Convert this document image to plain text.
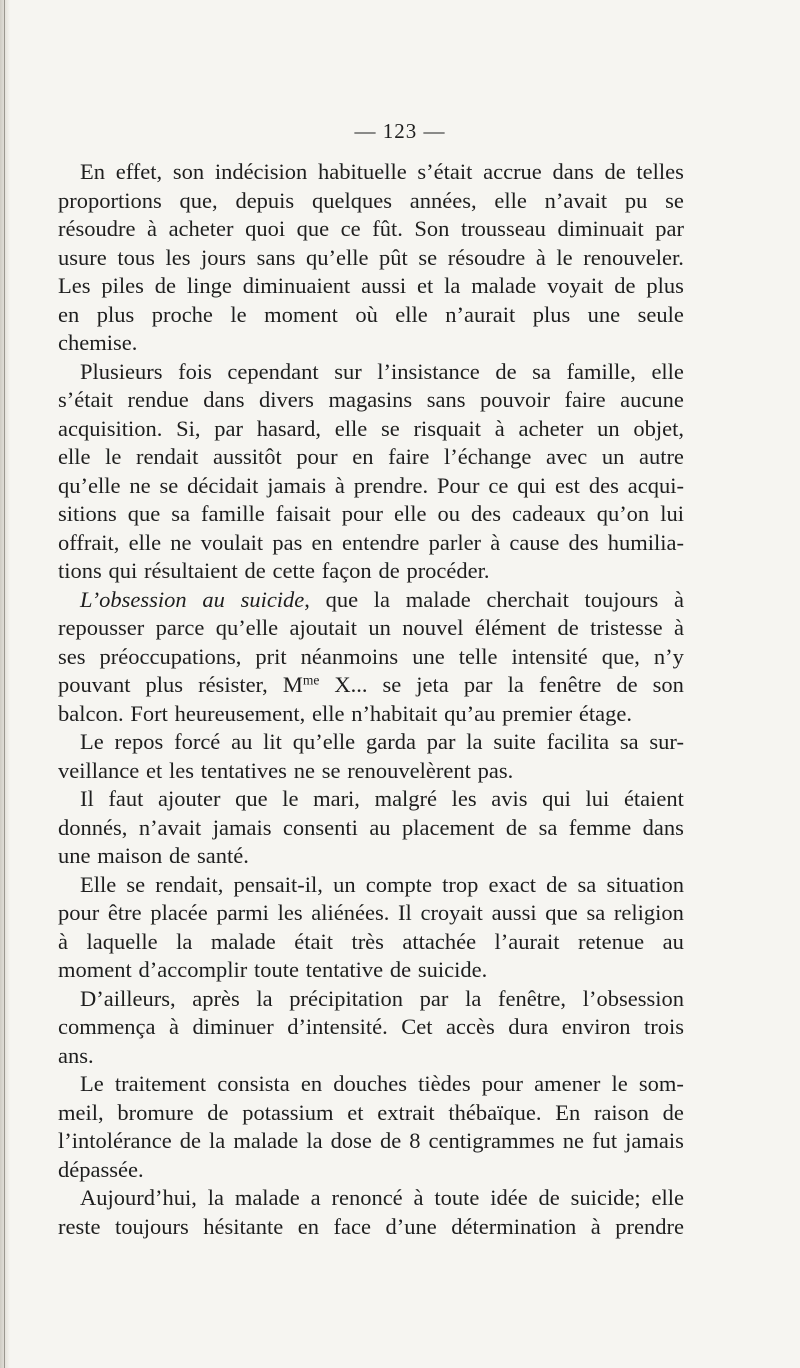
— 123 —
En effet, son indécision habituelle s’était accrue dans de telles
proportions que, depuis quelques années, elle n’avait pu se
résoudre à acheter quoi que ce fût. Son trousseau diminuait par
usure tous les jours sans qu’elle pût se résoudre à le renouveler.
Les piles de linge diminuaient aussi et la malade voyait de plus
en plus proche le moment où elle n’aurait plus une seule
chemise.
Plusieurs fois cependant sur l’insistance de sa famille, elle
s’était rendue dans divers magasins sans pouvoir faire aucune
acquisition. Si, par hasard, elle se risquait à acheter un objet,
elle le rendait aussitôt pour en faire l’échange avec un autre
qu’elle ne se décidait jamais à prendre. Pour ce qui est des acqui-
sitions que sa famille faisait pour elle ou des cadeaux qu’on lui
offrait, elle ne voulait pas en entendre parler à cause des humilia-
tions qui résultaient de cette façon de procéder.
L’obsession au suicide, que la malade cherchait toujours à
repousser parce qu’elle ajoutait un nouvel élément de tristesse à
ses préoccupations, prit néanmoins une telle intensité que, n’y
pouvant plus résister, $M^{me}$ X... se jeta par la fenêtre de son
balcon. Fort heureusement, elle n’habitait qu’au premier étage.
Le repos forcé au lit qu’elle garda par la suite facilita sa sur-
veillance et les tentatives ne se renouvelèrent pas.
Il faut ajouter que le mari, malgré les avis qui lui étaient
donnés, n’avait jamais consenti au placement de sa femme dans
une maison de santé.
Elle se rendait, pensait-il, un compte trop exact de sa situation
pour être placée parmi les aliénées. Il croyait aussi que sa religion
à laquelle la malade était très attachée l’aurait retenue au
moment d’accomplir toute tentative de suicide.
D’ailleurs, après la précipitation par la fenêtre, l’obsession
commença à diminuer d’intensité. Cet accès dura environ trois
ans.
Le traitement consista en douches tièdes pour amener le som-
meil, bromure de potassium et extrait thébaïque. En raison de
l’intolérance de la malade la dose de 8 centigrammes ne fut jamais
dépassée.
Aujourd’hui, la malade a renoncé à toute idée de suicide; elle
reste toujours hésitante en face d’une détermination à prendre
